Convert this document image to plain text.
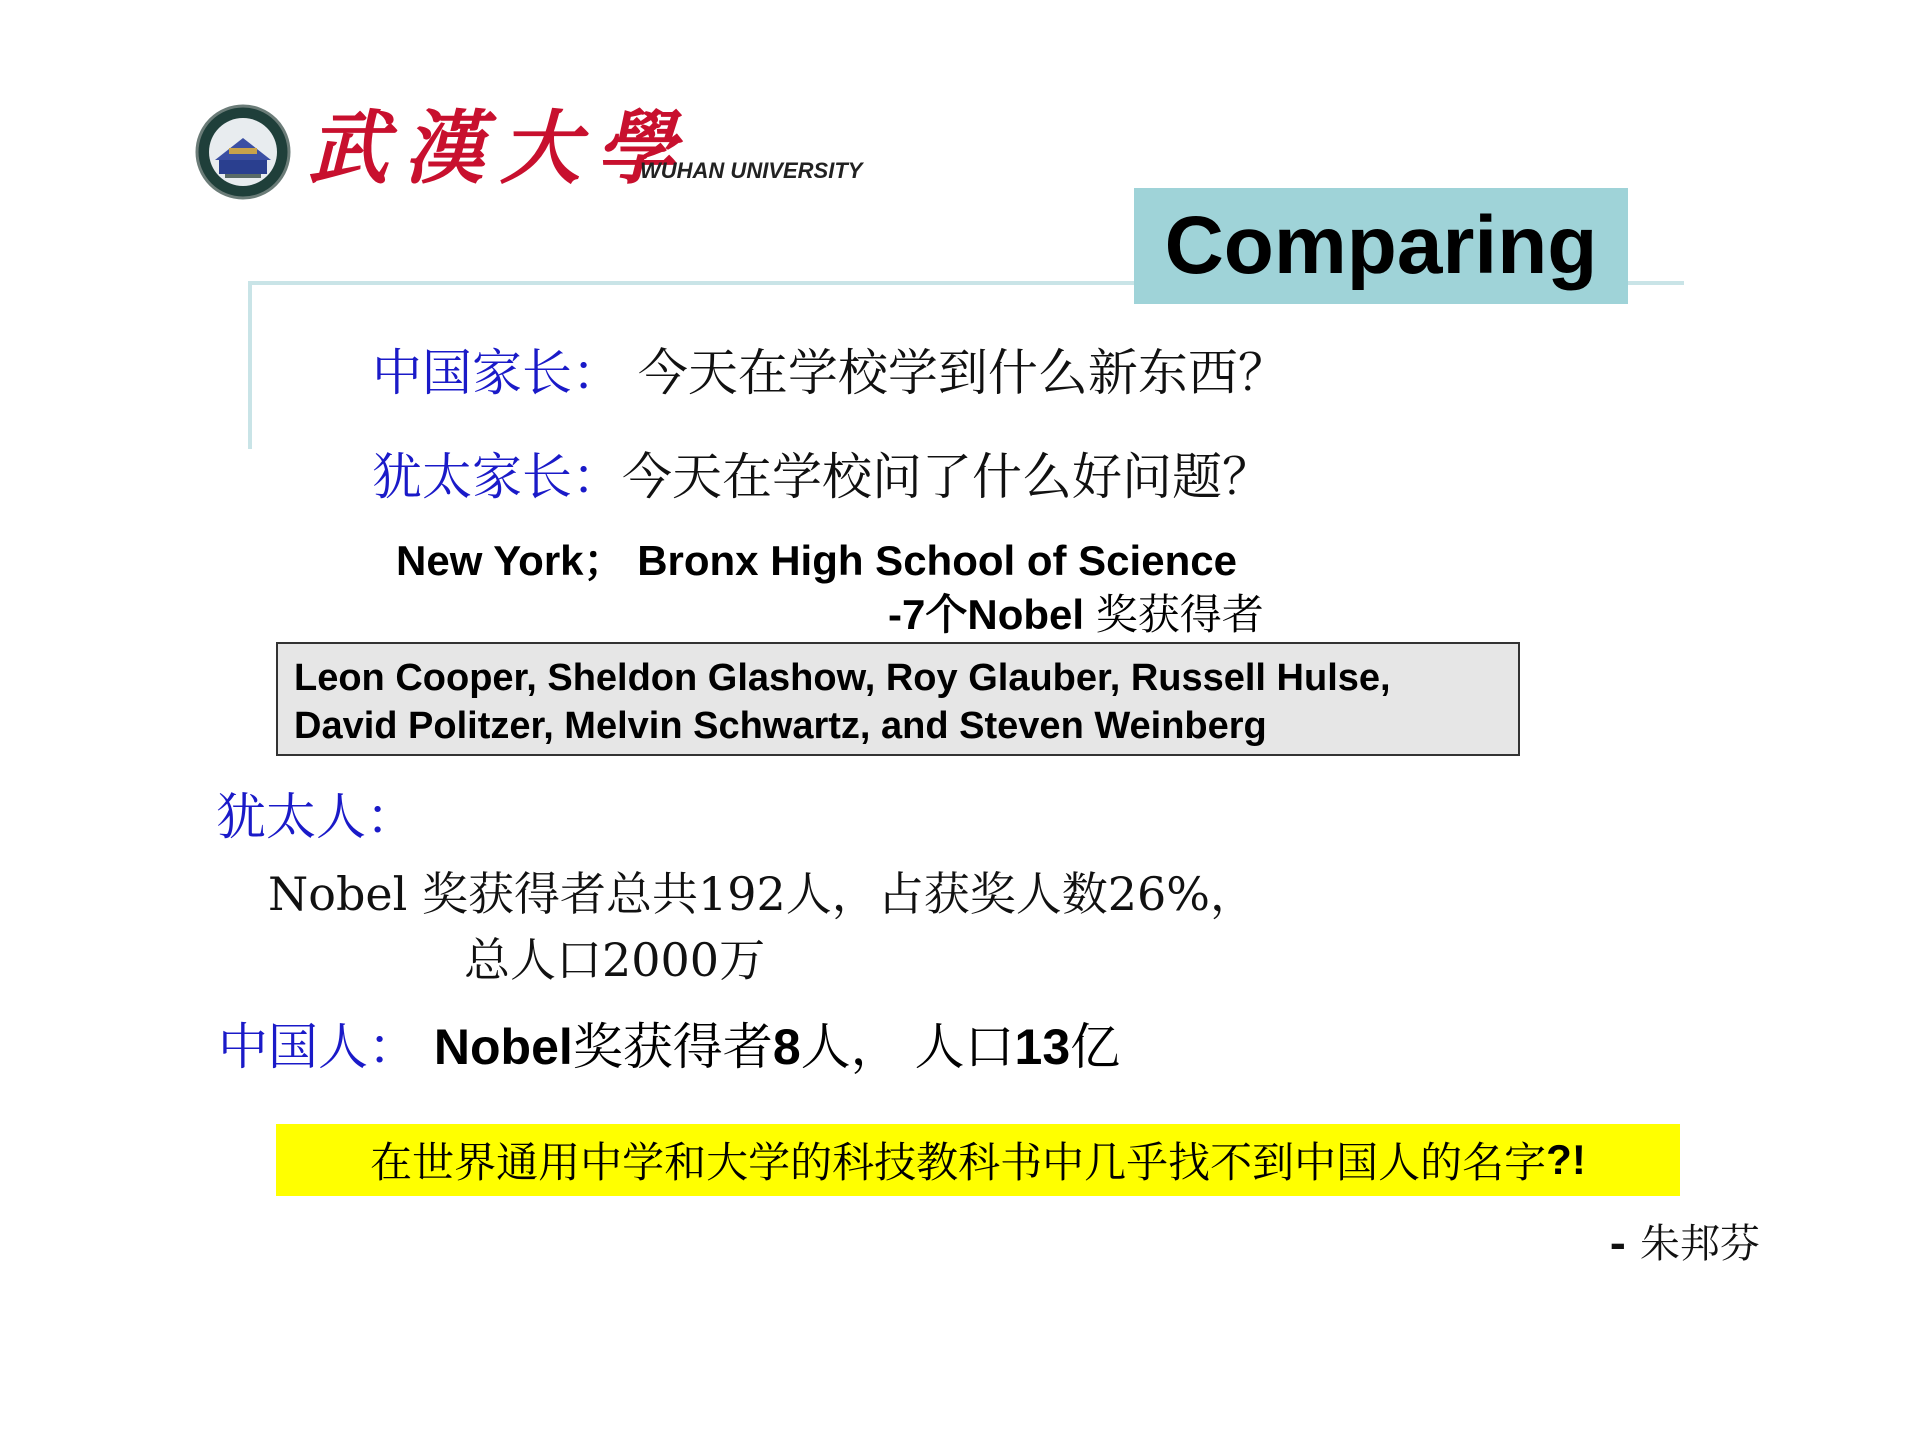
武漢大學
WUHAN UNIVERSITY
Comparing
中国家长： 今天在学校学到什么新东西？
犹太家长：今天在学校问了什么好问题？
New York； Bronx High School of Science
-7个Nobel 奖获得者
Leon Cooper, Sheldon Glashow, Roy Glauber, Russell Hulse,
David Politzer, Melvin Schwartz, and Steven Weinberg
犹太人：
Nobel 奖获得者总共192人，占获奖人数26%，
总人口2000万
中国人： Nobel奖获得者8人， 人口13亿
在世界通用中学和大学的科技教科书中几乎找不到中国人的名字 ?!
- 朱邦芬
